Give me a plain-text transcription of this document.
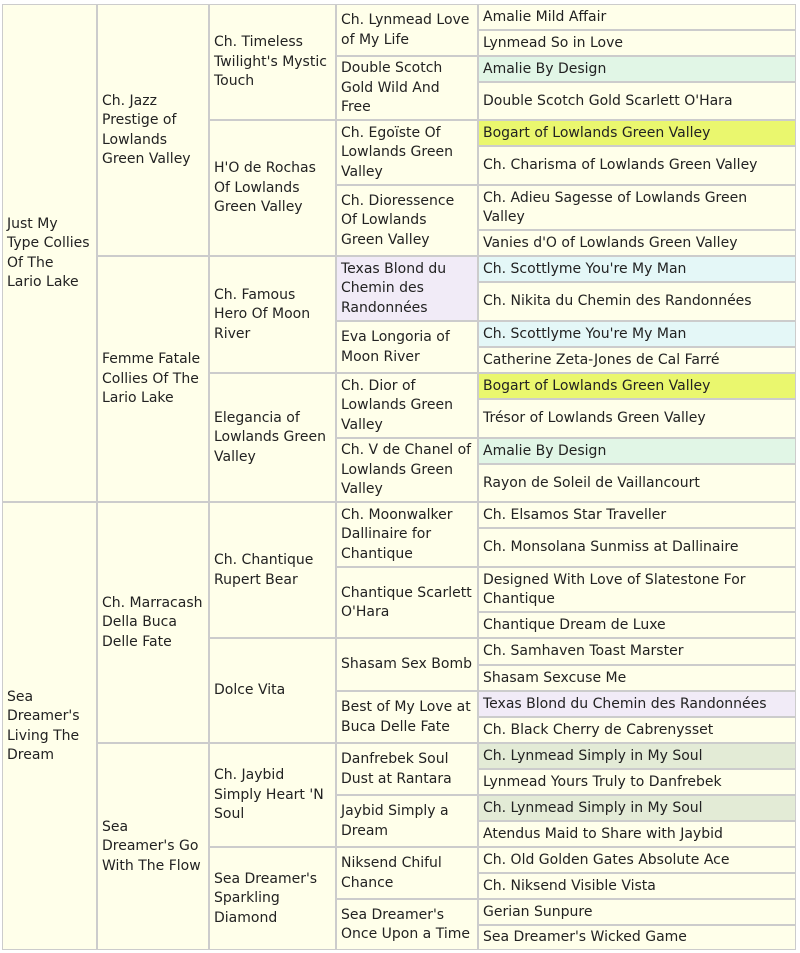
Just My Type Collies Of The Lario Lake
Sea Dreamer's Living The Dream
Ch. Jazz Prestige of Lowlands Green Valley
Femme Fatale Collies Of The Lario Lake
Ch. Marracash Della Buca Delle Fate
Sea Dreamer's Go With The Flow
Ch. Timeless Twilight's Mystic Touch
H'O de Rochas Of Lowlands Green Valley
Ch. Famous Hero Of Moon River
Elegancia of Lowlands Green Valley
Ch. Chantique Rupert Bear
Dolce Vita
Ch. Jaybid Simply Heart 'N Soul
Sea Dreamer's Sparkling Diamond
Ch. Lynmead Love of My Life
Double Scotch Gold Wild And Free
Ch. Egoïste Of Lowlands Green Valley
Ch. Dioressence Of Lowlands Green Valley
Texas Blond du Chemin des Randonnées
Eva Longoria of Moon River
Ch. Dior of Lowlands Green Valley
Ch. V de Chanel of Lowlands Green Valley
Ch. Moonwalker Dallinaire for Chantique
Chantique Scarlett O'Hara
Shasam Sex Bomb
Best of My Love at Buca Delle Fate
Danfrebek Soul Dust at Rantara
Jaybid Simply a Dream
Niksend Chiful Chance
Sea Dreamer's Once Upon a Time
Amalie Mild Affair
Lynmead So in Love
Amalie By Design
Double Scotch Gold Scarlett O'Hara
Bogart of Lowlands Green Valley
Ch. Charisma of Lowlands Green Valley
Ch. Adieu Sagesse of Lowlands Green Valley
Vanies d'O of Lowlands Green Valley
Ch. Scottlyme You're My Man
Ch. Nikita du Chemin des Randonnées
Ch. Scottlyme You're My Man
Catherine Zeta-Jones de Cal Farré
Bogart of Lowlands Green Valley
Trésor of Lowlands Green Valley
Amalie By Design
Rayon de Soleil de Vaillancourt
Ch. Elsamos Star Traveller
Ch. Monsolana Sunmiss at Dallinaire
Designed With Love of Slatestone For Chantique
Chantique Dream de Luxe
Ch. Samhaven Toast Marster
Shasam Sexcuse Me
Texas Blond du Chemin des Randonnées
Ch. Black Cherry de Cabrenysset
Ch. Lynmead Simply in My Soul
Lynmead Yours Truly to Danfrebek
Ch. Lynmead Simply in My Soul
Atendus Maid to Share with Jaybid
Ch. Old Golden Gates Absolute Ace
Ch. Niksend Visible Vista
Gerian Sunpure
Sea Dreamer's Wicked Game
